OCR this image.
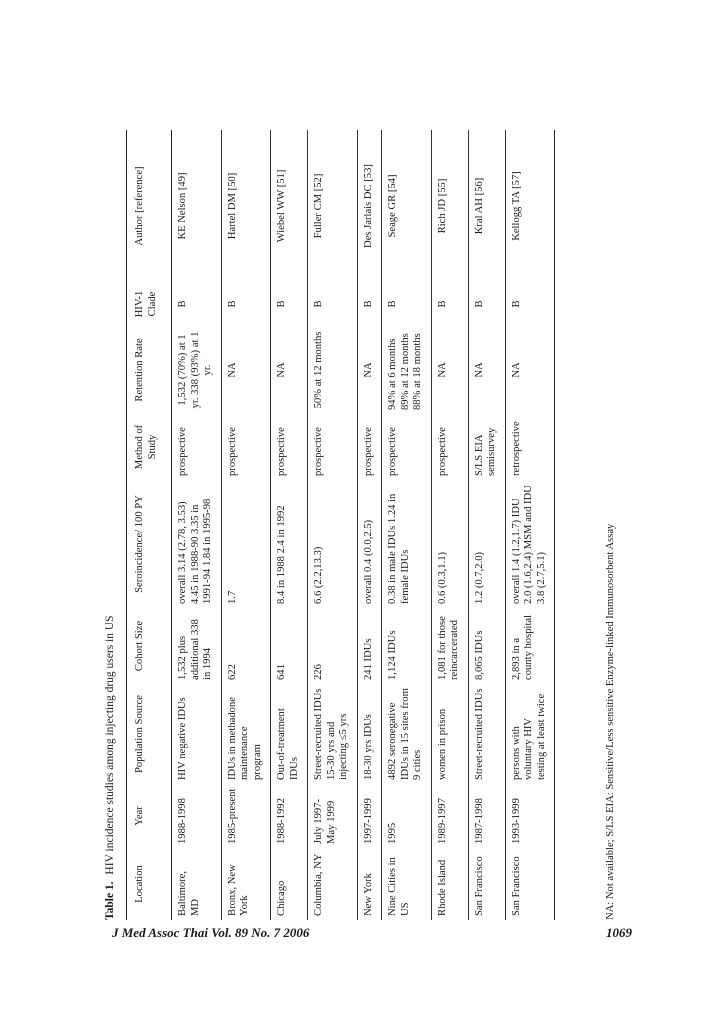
Table 1. HIV incidence studies among injecting drug users in US
Location	Year	Population Source	Cohort Size	Seroincidence/ 100 PY	Method of Study	Retention Rate	HIV-1 Clade	Author [reference]
Baltimore, MD	1988-1998	HIV negative IDUs	1,532 plus additional 338 in 1994	overall 3.14 (2.78, 3.53) 4.45 in 1988-90 3.35 in 1991-94 1.84 in 1995-98	prospective	1,532 (70%) at 1 yr. 338 (93%) at 1 yr.	B	KE Nelson [49]
Bronx, New York	1985-present	IDUs in methadone maintenance program	622	1.7	prospective	NA	B	Hartel DM [50]
Chicago	1988-1992	Out-of-treatment IDUs	641	8.4 in 1988 2.4 in 1992	prospective	NA	B	Wiebel WW [51]
Columbia, NY	July 1997-May 1999	Street-recruited IDUs 15-30 yrs and injecting ≤5 yrs	226	6.6 (2.2,13.3)	prospective	50% at 12 months	B	Fuller CM [52]
New York	1997-1999	18-30 yrs IDUs	241 IDUs	overall 0.4 (0.0,2.5)	prospective	NA	B	Des Jarlais DC [53]
Nine Cities in US	1995	4892 seronegative IDUs in 15 sites from 9 cities	1,124 IDUs	0.38 in male IDUs 1.24 in female IDUs	prospective	94% at 6 months 89% at 12 months 88% at 18 months	B	Seage GR [54]
Rhode Island	1989-1997	women in prison	1,081 for those reincarcerated	0.6 (0.3,1.1)	prospective	NA	B	Rich JD [55]
San Francisco	1987-1998	Street-recruited IDUs	8,065 IDUs	1.2 (0.7,2.0)	S/LS EIA semisurvey	NA	B	Kral AH [56]
San Francisco	1993-1999	persons with voluntary HIV testing at least twice	2,893 in a county hospital	overall 1.4 (1.2,1.7) IDU 2.0 (1.6,2.4) MSM and IDU 3.8 (2.7,5.1)	retrospective	NA	B	Kellogg TA [57]
NA: Not available; S/LS EIA: Sensitive/Less sensitive Enzyme-linked Immunosorbent Assay
J Med Assoc Thai Vol. 89 No. 7 2006	1069
